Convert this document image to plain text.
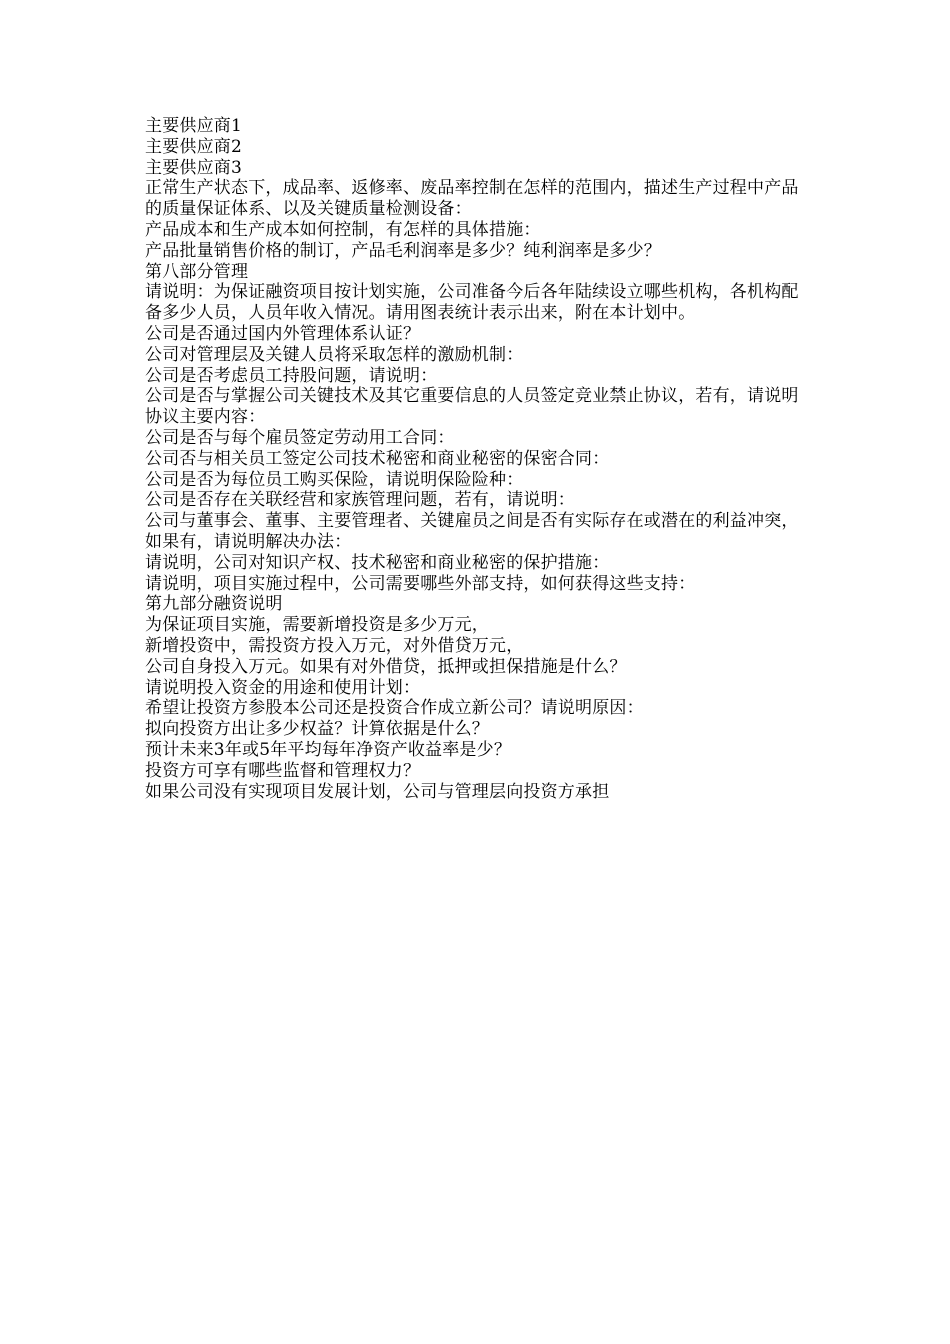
主要供应商1

主要供应商2

主要供应商3

正常生产状态下，成品率、返修率、废品率控制在怎样的范围内，描述生产过程中产品的质量保证体系、以及关键质量检测设备：

产品成本和生产成本如何控制，有怎样的具体措施：

产品批量销售价格的制订，产品毛利润率是多少？纯利润率是多少？

第八部分管理

请说明：为保证融资项目按计划实施，公司准备今后各年陆续设立哪些机构，各机构配备多少人员，人员年收入情况。请用图表统计表示出来，附在本计划中。

公司是否通过国内外管理体系认证？

公司对管理层及关键人员将采取怎样的激励机制：

公司是否考虑员工持股问题，请说明：

公司是否与掌握公司关键技术及其它重要信息的人员签定竞业禁止协议，若有，请说明协议主要内容：

公司是否与每个雇员签定劳动用工合同：

公司否与相关员工签定公司技术秘密和商业秘密的保密合同：

公司是否为每位员工购买保险，请说明保险险种：

公司是否存在关联经营和家族管理问题，若有，请说明：

公司与董事会、董事、主要管理者、关键雇员之间是否有实际存在或潜在的利益冲突，如果有，请说明解决办法：

请说明，公司对知识产权、技术秘密和商业秘密的保护措施：

请说明，项目实施过程中，公司需要哪些外部支持，如何获得这些支持：

第九部分融资说明

为保证项目实施，需要新增投资是多少万元，

新增投资中，需投资方投入万元，对外借贷万元，

公司自身投入万元。如果有对外借贷，抵押或担保措施是什么？

请说明投入资金的用途和使用计划：

希望让投资方参股本公司还是投资合作成立新公司？请说明原因：

拟向投资方出让多少权益？计算依据是什么？

预计未来3年或5年平均每年净资产收益率是少？

投资方可享有哪些监督和管理权力？

如果公司没有实现项目发展计划，公司与管理层向投资方承担
